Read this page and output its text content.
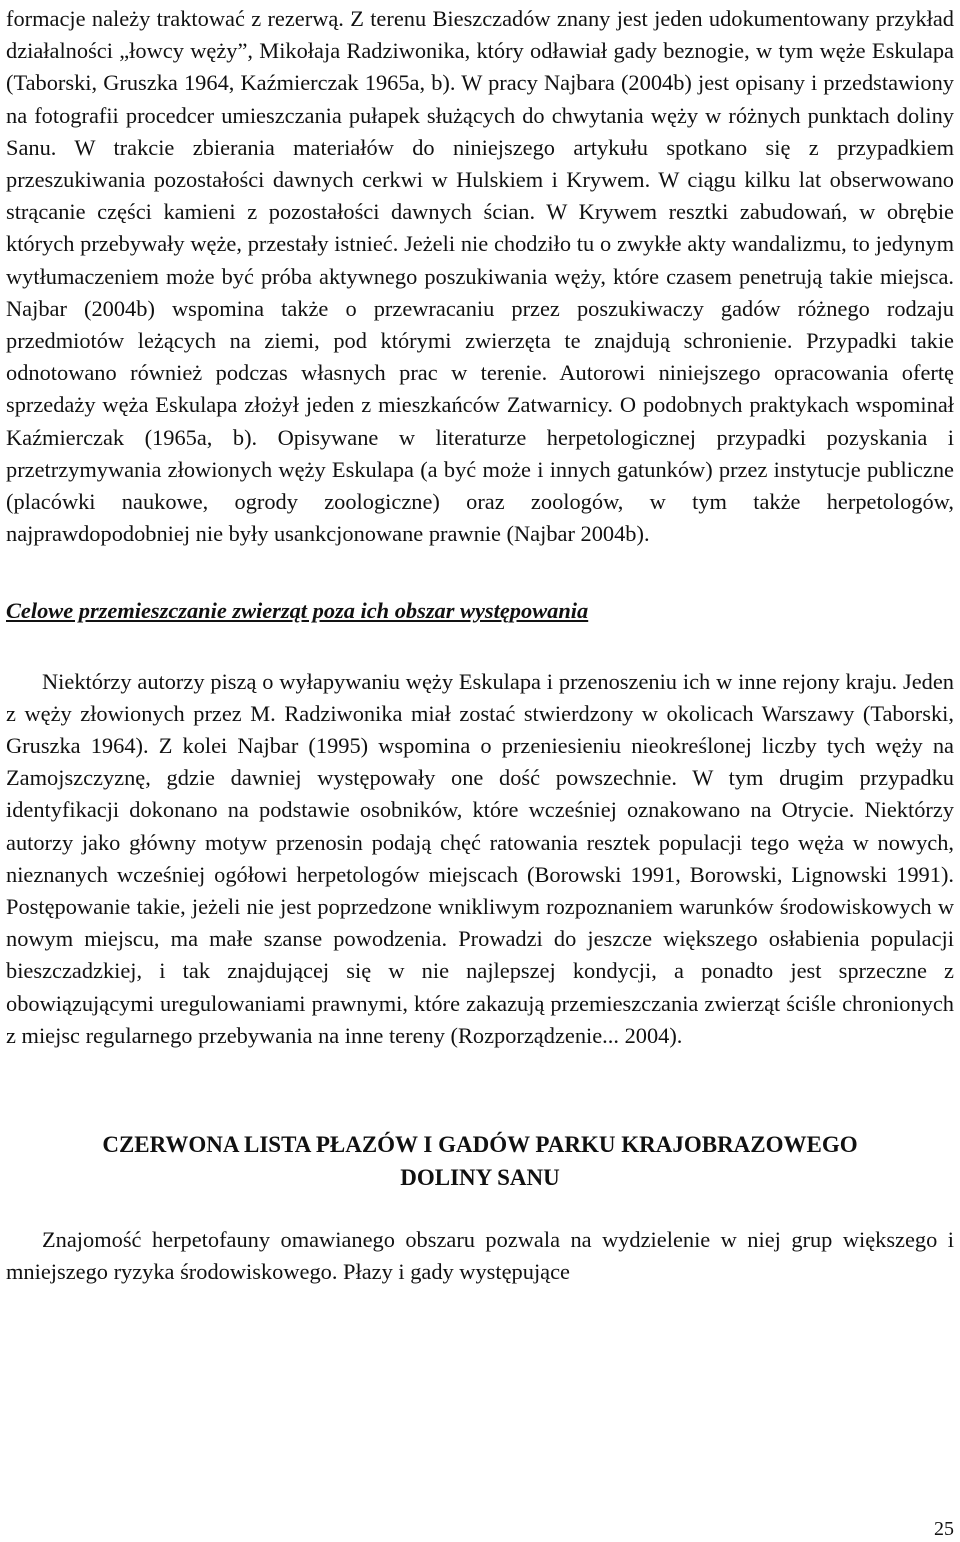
formacje należy traktować z rezerwą. Z terenu Bieszczadów znany jest jeden udokumentowany przykład działalności „łowcy węży”, Mikołaja Radziwonika, który odławiał gady beznogie, w tym węże Eskulapa (Taborski, Gruszka 1964, Kaźmierczak 1965a, b). W pracy Najbara (2004b) jest opisany i przedstawiony na fotografii procedcer umieszczania pułapek służących do chwytania węży w różnych punktach doliny Sanu. W trakcie zbierania materiałów do niniejszego artykułu spotkano się z przypadkiem przeszukiwania pozostałości dawnych cerkwi w Hulskiem i Krywem. W ciągu kilku lat obserwowano strącanie części kamieni z pozostałości dawnych ścian. W Krywem resztki zabudowań, w obrębie których przebywały węże, przestały istnieć. Jeżeli nie chodziło tu o zwykłe akty wandalizmu, to jedynym wytłumaczeniem może być próba aktywnego poszukiwania węży, które czasem penetrują takie miejsca. Najbar (2004b) wspomina także o przewracaniu przez poszukiwaczy gadów różnego rodzaju przedmiotów leżących na ziemi, pod którymi zwierzęta te znajdują schronienie. Przypadki takie odnotowano również podczas własnych prac w terenie. Autorowi niniejszego opracowania ofertę sprzedaży węża Eskulapa złożył jeden z mieszkańców Zatwarnicy. O podobnych praktykach wspominał Kaźmierczak (1965a, b). Opisywane w literaturze herpetologicznej przypadki pozyskania i przetrzymywania złowionych węży Eskulapa (a być może i innych gatunków) przez instytucje publiczne (placówki naukowe, ogrody zoologiczne) oraz zoologów, w tym także herpetologów, najprawdopodobniej nie były usankcjonowane prawnie (Najbar 2004b).

Celowe przemieszczanie zwierząt poza ich obszar występowania

Niektórzy autorzy piszą o wyłapywaniu węży Eskulapa i przenoszeniu ich w inne rejony kraju. Jeden z węży złowionych przez M. Radziwonika miał zostać stwierdzony w okolicach Warszawy (Taborski, Gruszka 1964). Z kolei Najbar (1995) wspomina o przeniesieniu nieokreślonej liczby tych węży na Zamojszczyznę, gdzie dawniej występowały one dość powszechnie. W tym drugim przypadku identyfikacji dokonano na podstawie osobników, które wcześniej oznakowano na Otrycie. Niektórzy autorzy jako główny motyw przenosin podają chęć ratowania resztek populacji tego węża w nowych, nieznanych wcześniej ogółowi herpetologów miejscach (Borowski 1991, Borowski, Lignowski 1991). Postępowanie takie, jeżeli nie jest poprzedzone wnikliwym rozpoznaniem warunków środowiskowych w nowym miejscu, ma małe szanse powodzenia. Prowadzi do jeszcze większego osłabienia populacji bieszczadzkiej, i tak znajdującej się w nie najlepszej kondycji, a ponadto jest sprzeczne z obowiązującymi uregulowaniami prawnymi, które zakazują przemieszczania zwierząt ściśle chronionych z miejsc regularnego przebywania na inne tereny (Rozporządzenie... 2004).

CZERWONA LISTA PŁAZÓW I GADÓW PARKU KRAJOBRAZOWEGO

DOLINY SANU

Znajomość herpetofauny omawianego obszaru pozwala na wydzielenie w niej grup większego i mniejszego ryzyka środowiskowego. Płazy i gady występujące

25
